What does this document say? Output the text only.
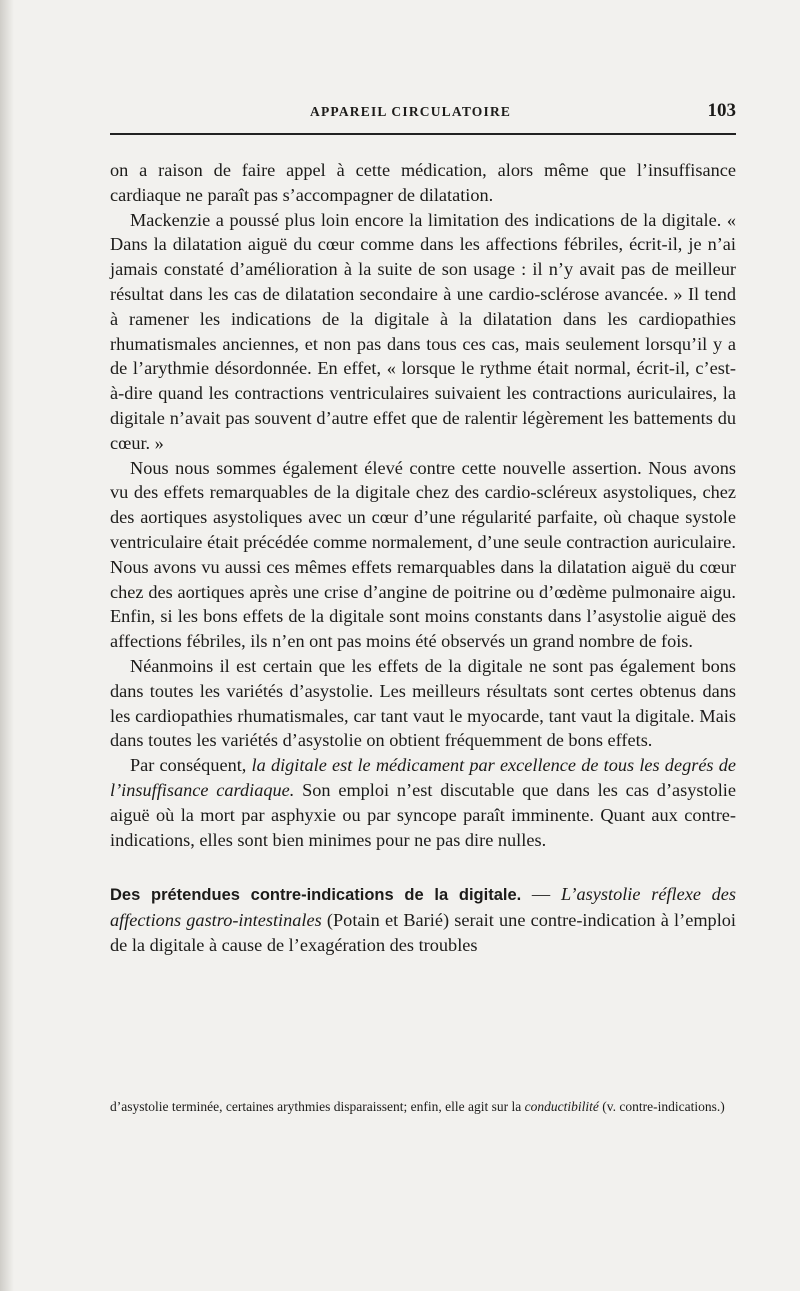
APPAREIL CIRCULATOIRE	103

on a raison de faire appel à cette médication, alors même que l’insuffisance cardiaque ne paraît pas s’accompagner de dilatation.

Mackenzie a poussé plus loin encore la limitation des indications de la digitale. « Dans la dilatation aiguë du cœur comme dans les affections fébriles, écrit-il, je n’ai jamais constaté d’amélioration à la suite de son usage : il n’y avait pas de meilleur résultat dans les cas de dilatation secondaire à une cardio-sclérose avancée. » Il tend à ramener les indications de la digitale à la dilatation dans les cardiopathies rhumatismales anciennes, et non pas dans tous ces cas, mais seulement lorsqu’il y a de l’arythmie désordonnée. En effet, « lorsque le rythme était normal, écrit-il, c’est-à-dire quand les contractions ventriculaires suivaient les contractions auriculaires, la digitale n’avait pas souvent d’autre effet que de ralentir légèrement les battements du cœur. »

Nous nous sommes également élevé contre cette nouvelle assertion. Nous avons vu des effets remarquables de la digitale chez des cardio-scléreux asystoliques, chez des aortiques asystoliques avec un cœur d’une régularité parfaite, où chaque systole ventriculaire était précédée comme normalement, d’une seule contraction auriculaire. Nous avons vu aussi ces mêmes effets remarquables dans la dilatation aiguë du cœur chez des aortiques après une crise d’angine de poitrine ou d’œdème pulmonaire aigu. Enfin, si les bons effets de la digitale sont moins constants dans l’asystolie aiguë des affections fébriles, ils n’en ont pas moins été observés un grand nombre de fois.

Néanmoins il est certain que les effets de la digitale ne sont pas également bons dans toutes les variétés d’asystolie. Les meilleurs résultats sont certes obtenus dans les cardiopathies rhumatismales, car tant vaut le myocarde, tant vaut la digitale. Mais dans toutes les variétés d’asystolie on obtient fréquemment de bons effets.

Par conséquent, la digitale est le médicament par excellence de tous les degrés de l’insuffisance cardiaque. Son emploi n’est discutable que dans les cas d’asystolie aiguë où la mort par asphyxie ou par syncope paraît imminente. Quant aux contre-indications, elles sont bien minimes pour ne pas dire nulles.

Des prétendues contre-indications de la digitale. — L’asystolie réflexe des affections gastro-intestinales (Potain et Barié) serait une contre-indication à l’emploi de la digitale à cause de l’exagération des troubles

d’asystolie terminée, certaines arythmies disparaissent; enfin, elle agit sur la conductibilité (v. contre-indications.)
